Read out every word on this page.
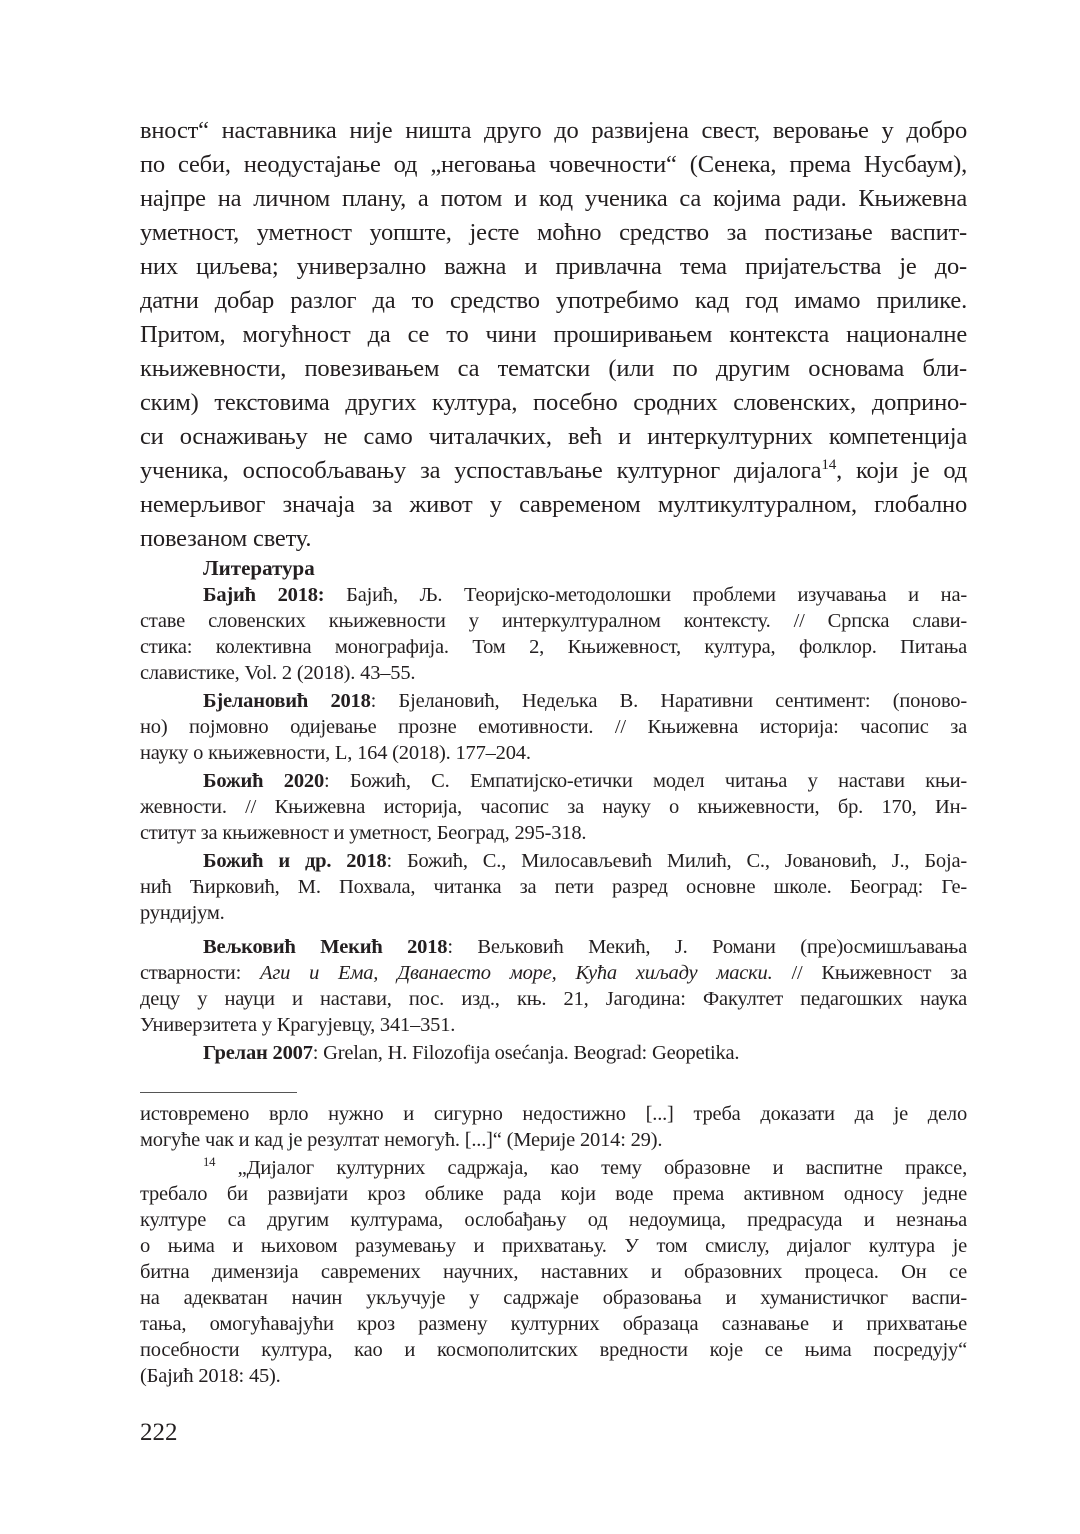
вност“ наставника није ништа друго до развијена свест, веровање у добро
по себи, неодустајање од „неговања човечности“ (Сенека, према Нусбаум),
најпре на личном плану, а потом и код ученика са којима ради. Књижевна
уметност, уметност уопште, јесте моћно средство за постизање васпит-
них циљева; универзално важна и привлачна тема пријатељства је до-
датни добар разлог да то средство употребимо кад год имамо прилике.
Притом, могућност да се то чини проширивањем контекста националне
књижевности, повезивањем са тематски (или по другим основама бли-
ским) текстовима других култура, посебно сродних словенских, доприно-
си оснаживању не само читалачких, већ и интеркултурних компетенција
ученика, оспособљавању за успостављање културног дијалога$^{14}$, који је од
немерљивог значаја за живот у савременом мултикултуралном, глобално
повезаном свету.
Литература
Бајић 2018: Бајић, Љ. Теоријско-методолошки проблеми изучавања и на-
ставе словенских књижевности у интеркултуралном контексту. // Српска слави-
стика: колективна монографија. Том 2, Књижевност, култура, фолклор. Питања
славистике, Vol. 2 (2018). 43–55.
Бјелановић 2018: Бјелановић, Недељка В. Наративни сентимент: (поново-
но) појмовно одијевање прозне емотивности. // Књижевна историја: часопис за
науку о књижевности, L, 164 (2018). 177–204.
Божић 2020: Божић, С. Емпатијско-етички модел читања у настави књи-
жевности. // Књижевна историја, часопис за науку о књижевности, бр. 170, Ин-
ститут за књижевност и уметност, Београд, 295-318.
Божић и др. 2018: Божић, С., Милосављевић Милић, С., Јовановић, Ј., Боја-
нић Ћирковић, М. Похвала, читанка за пети разред основне школе. Београд: Ге-
рундијум.
Вељковић Мекић 2018: Вељковић Мекић, Ј. Романи (пре)осмишљавања
стварности: Аги и Ема, Дванаесто море, Кућа хиљаду маски. // Књижевност за
децу у науци и настави, пос. изд., књ. 21, Јагодина: Факултет педагошких наука
Универзитета у Крагујевцу, 341–351.
Грелан 2007: Grelan, H. Filozofija osećanja. Beograd: Geopetika.
истовремено врло нужно и сигурно недостижно [...] треба доказати да је дело
могуће чак и кад је резултат немогућ. [...]“ (Мерије 2014: 29).
$^{14}$ „Дијалог културних садржаја, као тему образовне и васпитне праксе,
требало би развијати кроз облике рада који воде према активном односу једне
културе са другим културама, ослобађању од недоумица, предрасуда и незнања
о њима и њиховом разумевању и прихватању. У том смислу, дијалог култура је
битна димензија савремених научних, наставних и образовних процеса. Он се
на адекватан начин укључује у садржаје образовања и хуманистичког васпи-
тања, омогућавајући кроз размену културних образаца сазнавање и прихватање
посебности култура, као и космополитских вредности које се њима посредују“
(Бајић 2018: 45).
222
